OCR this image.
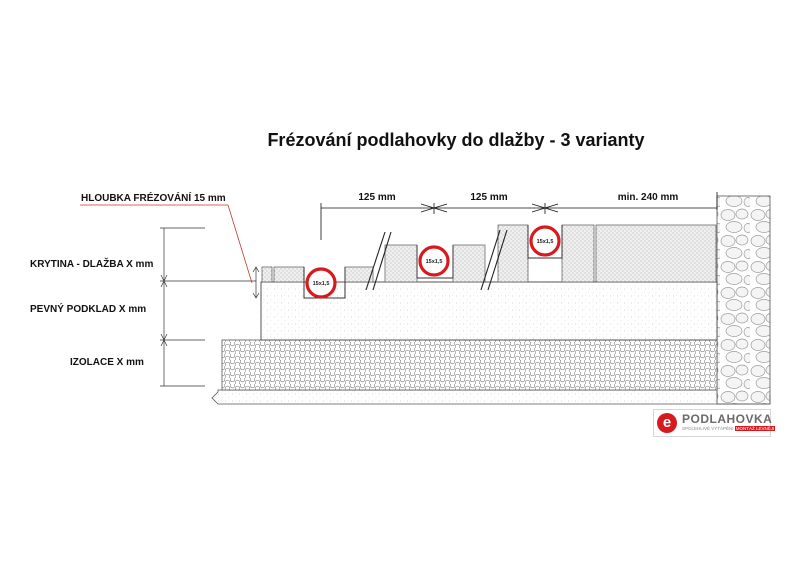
15x1,5
15x1,5
15x1,5
125 mm	125 mm	min. 240 mm
Frézování podlahovky do dlažby - 3 varianty
HLOUBKA FRÉZOVÁNÍ 15 mm
KRYTINA - DLAŽBA X mm
PEVNÝ PODKLAD X mm
IZOLACE X mm
e PODLAHOVKA
SPOLEHLIVÉ VYTÁPĚNÍ MONTÁŽ LEVNĚJI
